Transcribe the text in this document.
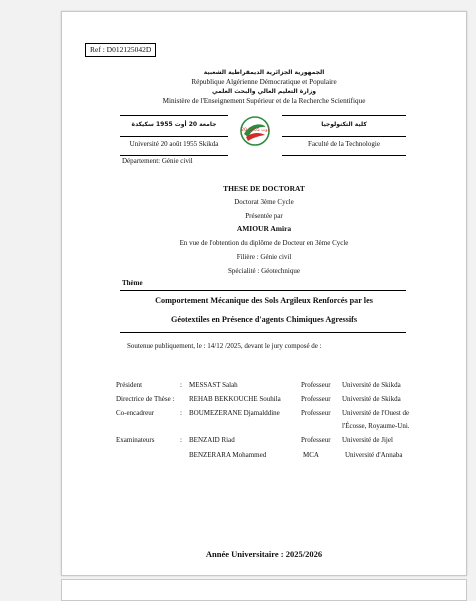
Ref : D012125042D
الجمهورية الجزائرية الديمقراطية الشعبية
République Algérienne Démocratique et Populaire
وزارة التعليم العالي والبحث العلمي
Ministère de l'Enseignement Supérieur et de la Recherche Scientifique
جامعة 20 أوت 1955 سكيكدة	كلية التكنولوجيا
20 أوت 1955
Université 20 août 1955 Skikda	Faculté de la Technologie
Département: Génie civil
THESE DE DOCTORAT
Doctorat 3ème Cycle
Présentée par
AMIOUR Amira
En vue de l'obtention du diplôme de Docteur en 3ème Cycle
Filière : Génie civil
Spécialité : Géotechnique
Thème
Comportement Mécanique des Sols Argileux Renforcés par les
Géotextiles en Présence d'agents Chimiques Agressifs
Soutenue publiquement, le : 14/12 /2025, devant le jury composé de :
Président	: MESSAST Salah	Professeur Université de Skikda
Directrice de Thèse : REHAB BEKKOUCHE Souhila	Professeur Université de Skikda
Co-encadreur	: BOUMEZERANE Djamalddine	Professeur Université de l'Ouest de
l'Écosse, Royaume-Uni.
Examinateurs	: BENZAID Riad	Professeur Université de Jijel
BENZERARA Mohammed	MCA	Université d'Annaba
Année Universitaire : 2025/2026
